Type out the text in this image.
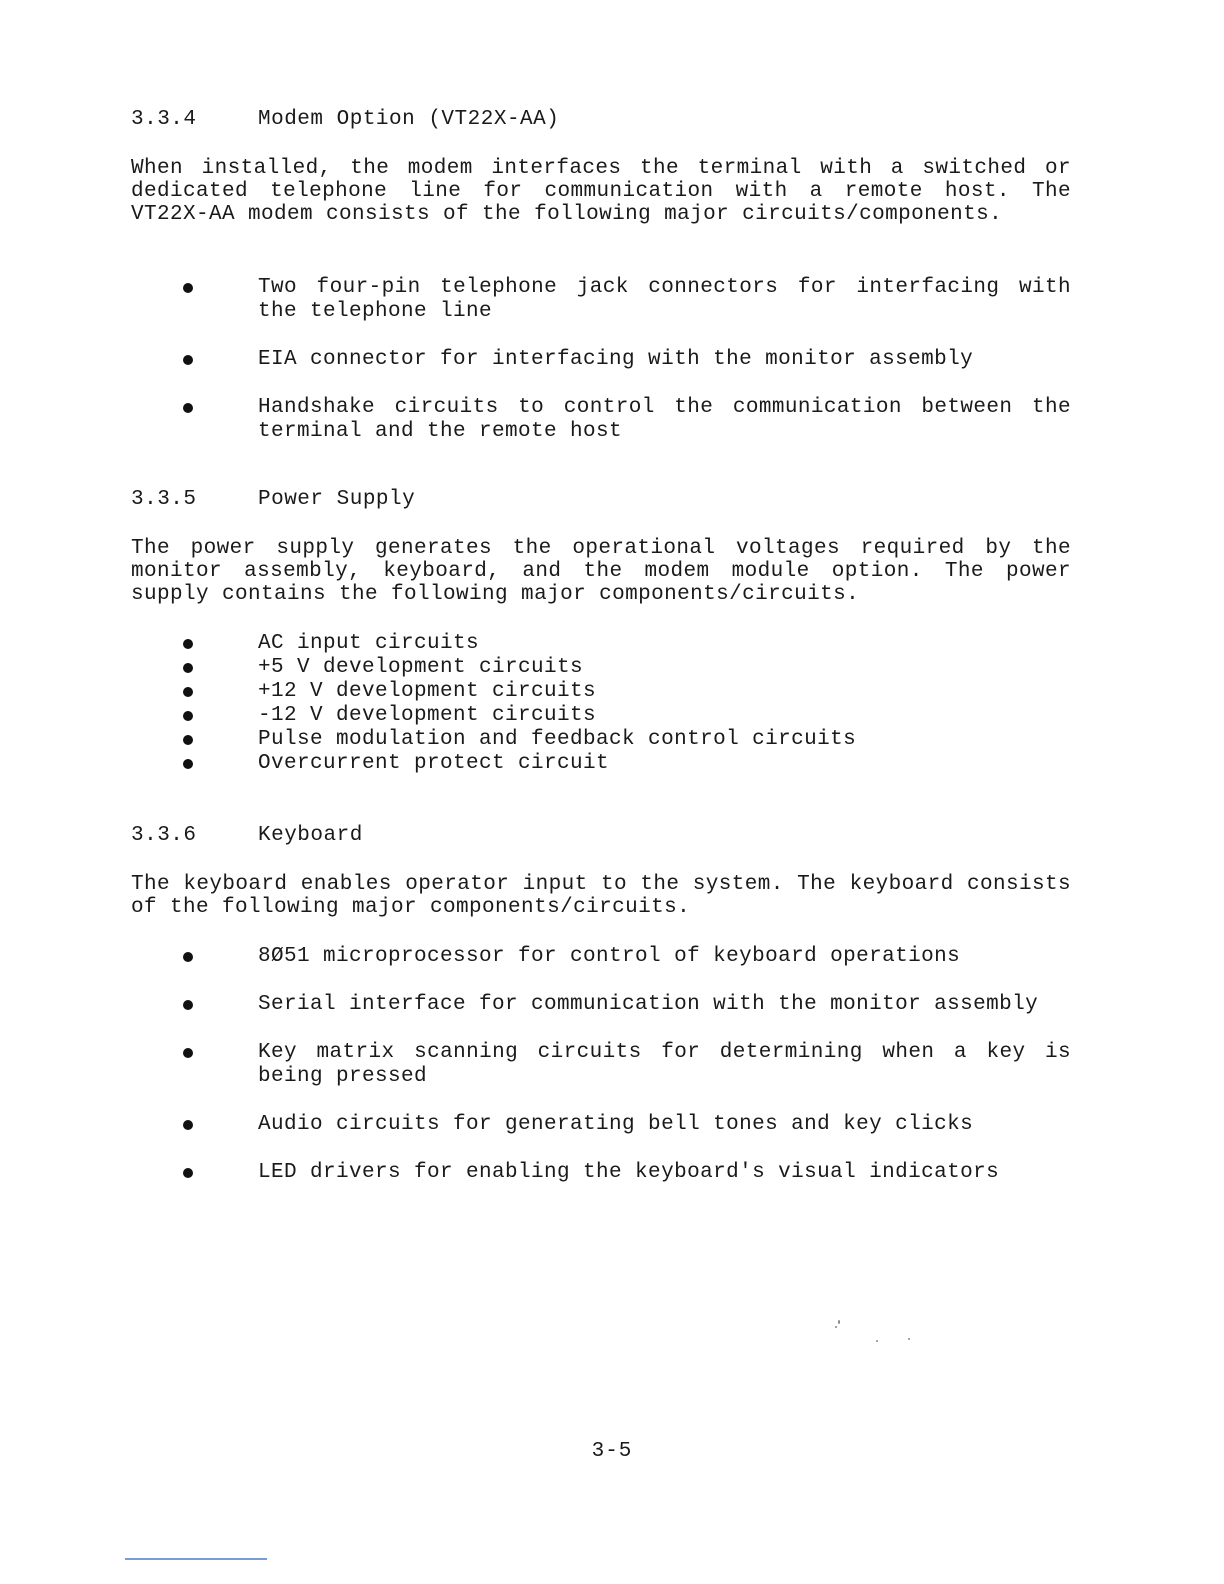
3.3.4	Modem Option (VT22X-AA)

When installed, the modem interfaces the terminal with a switched or dedicated telephone line for communication with a remote host. The VT22X-AA modem consists of the following major circuits/components.

Two four-pin telephone jack connectors for interfacing with the telephone line
EIA connector for interfacing with the monitor assembly
Handshake circuits to control the communication between the terminal and the remote host
3.3.5	Power Supply

The power supply generates the operational voltages required by the monitor assembly, keyboard, and the modem module option. The power supply contains the following major components/circuits.

AC input circuits
+5 V development circuits
+12 V development circuits
-12 V development circuits
Pulse modulation and feedback control circuits
Overcurrent protect circuit
3.3.6	Keyboard

The keyboard enables operator input to the system. The keyboard consists of the following major components/circuits.

8Ø51 microprocessor for control of keyboard operations
Serial interface for communication with the monitor assembly
Key matrix scanning circuits for determining when a key is being pressed
Audio circuits for generating bell tones and key clicks
LED drivers for enabling the keyboard's visual indicators
3-5
